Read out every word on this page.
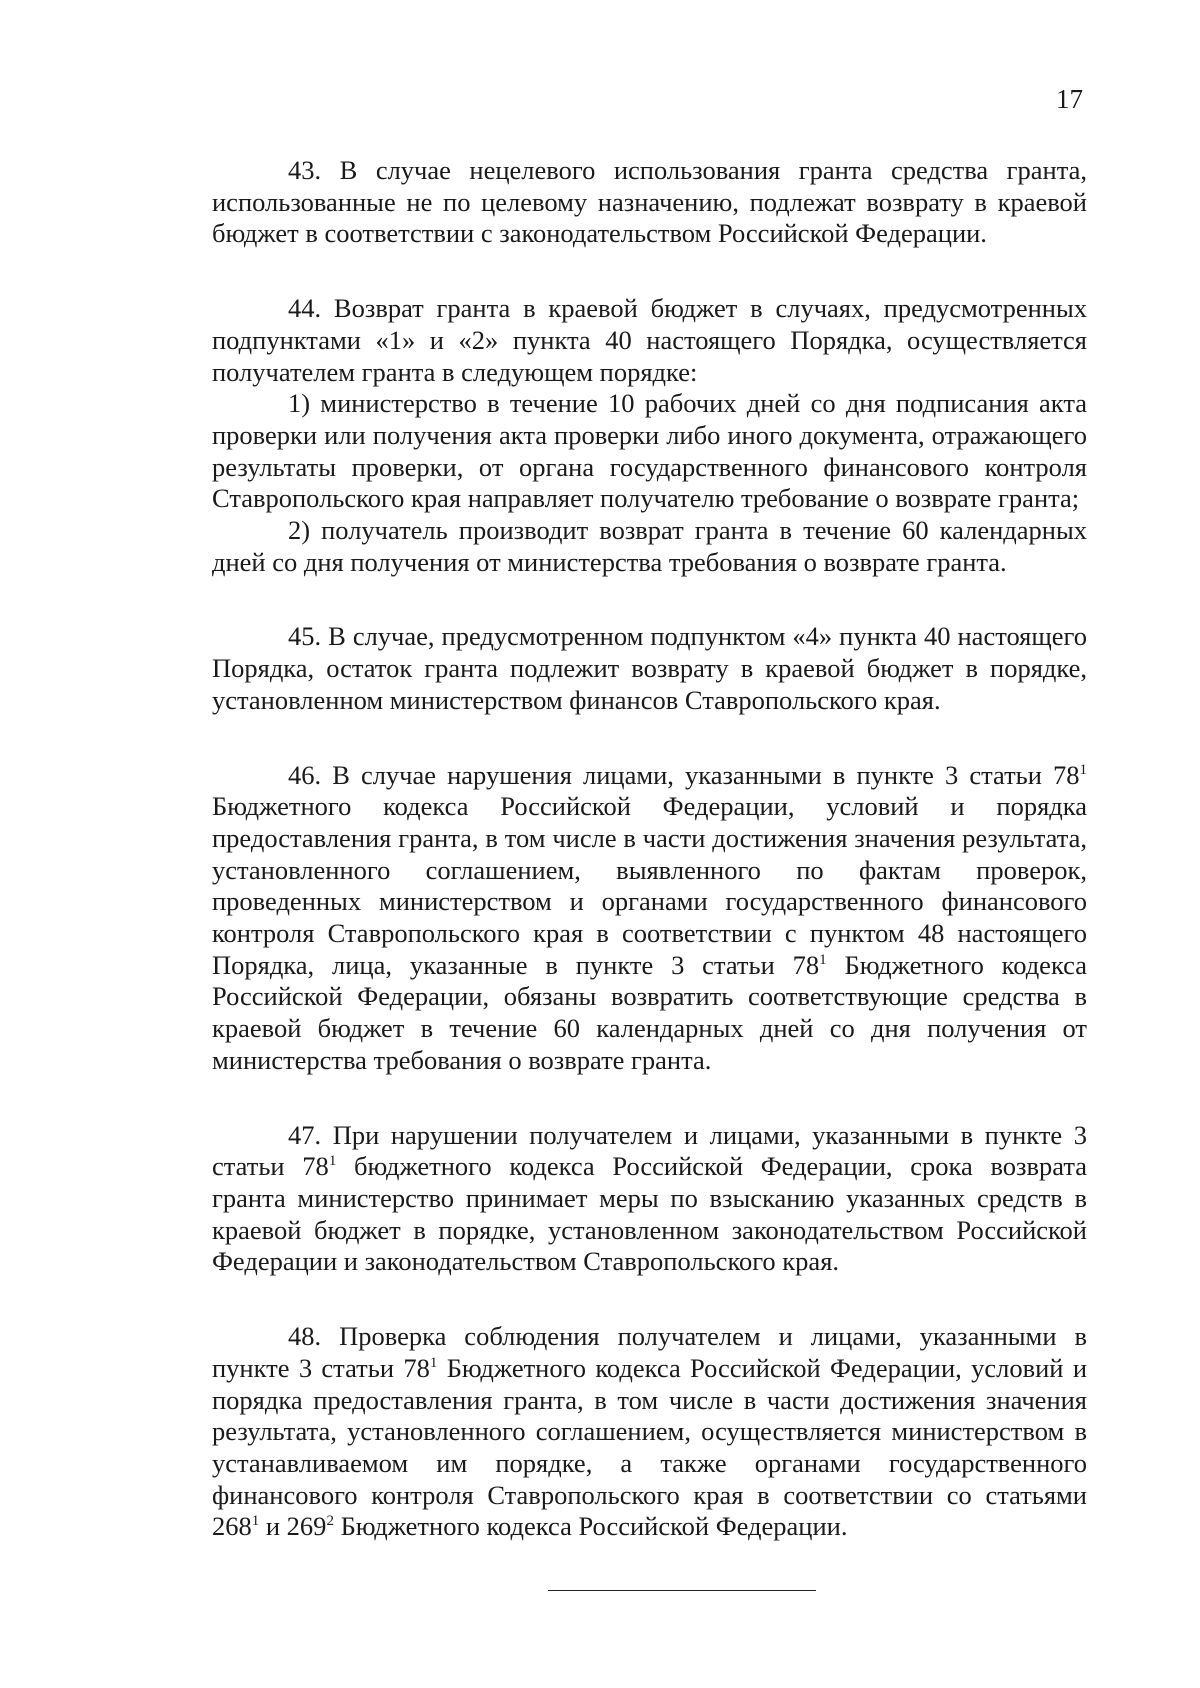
17

43. В случае нецелевого использования гранта средства гранта, использованные не по целевому назначению, подлежат возврату в краевой бюджет в соответствии с законодательством Российской Федерации.

44. Возврат гранта в краевой бюджет в случаях, предусмотренных подпунктами «1» и «2» пункта 40 настоящего Порядка, осуществляется получателем гранта в следующем порядке:

1) министерство в течение 10 рабочих дней со дня подписания акта проверки или получения акта проверки либо иного документа, отражающего результаты проверки, от органа государственного финансового контроля Ставропольского края направляет получателю требование о возврате гранта;

2) получатель производит возврат гранта в течение 60 календарных дней со дня получения от министерства требования о возврате гранта.

45. В случае, предусмотренном подпунктом «4» пункта 40 настоящего Порядка, остаток гранта подлежит возврату в краевой бюджет в порядке, установленном министерством финансов Ставропольского края.

46. В случае нарушения лицами, указанными в пункте 3 статьи $78^1$ Бюджетного кодекса Российской Федерации, условий и порядка предоставления гранта, в том числе в части достижения значения результата, установленного соглашением, выявленного по фактам проверок, проведенных министерством и органами государственного финансового контроля Ставропольского края в соответствии с пунктом 48 настоящего Порядка, лица, указанные в пункте 3 статьи $78^1$ Бюджетного кодекса Российской Федерации, обязаны возвратить соответствующие средства в краевой бюджет в течение 60 календарных дней со дня получения от министерства требования о возврате гранта.

47. При нарушении получателем и лицами, указанными в пункте 3 статьи $78^1$ бюджетного кодекса Российской Федерации, срока возврата гранта министерство принимает меры по взысканию указанных средств в краевой бюджет в порядке, установленном законодательством Российской Федерации и законодательством Ставропольского края.

48. Проверка соблюдения получателем и лицами, указанными в пункте 3 статьи $78^1$ Бюджетного кодекса Российской Федерации, условий и порядка предоставления гранта, в том числе в части достижения значения результата, установленного соглашением, осуществляется министерством в устанавливаемом им порядке, а также органами государственного финансового контроля Ставропольского края в соответствии со статьями $268^1$ и $269^2$ Бюджетного кодекса Российской Федерации.
